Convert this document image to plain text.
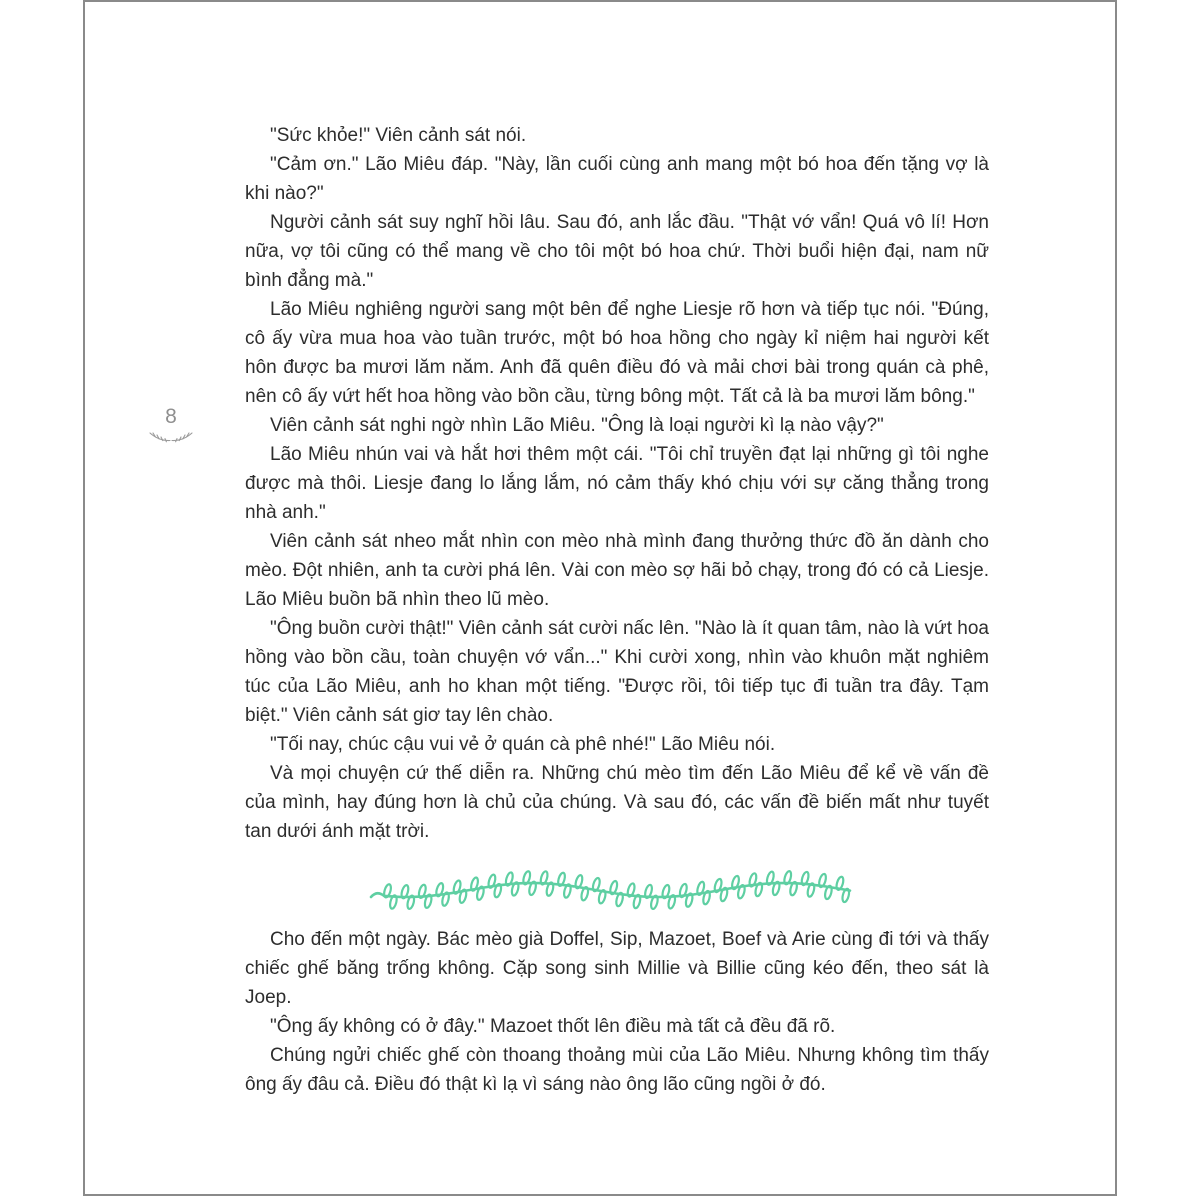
8

"Sức khỏe!" Viên cảnh sát nói.

"Cảm ơn." Lão Miêu đáp. "Này, lần cuối cùng anh mang một bó hoa đến tặng vợ là khi nào?"

Người cảnh sát suy nghĩ hồi lâu. Sau đó, anh lắc đầu. "Thật vớ vẩn! Quá vô lí! Hơn nữa, vợ tôi cũng có thể mang về cho tôi một bó hoa chứ. Thời buổi hiện đại, nam nữ bình đẳng mà."

Lão Miêu nghiêng người sang một bên để nghe Liesje rõ hơn và tiếp tục nói. "Đúng, cô ấy vừa mua hoa vào tuần trước, một bó hoa hồng cho ngày kỉ niệm hai người kết hôn được ba mươi lăm năm. Anh đã quên điều đó và mải chơi bài trong quán cà phê, nên cô ấy vứt hết hoa hồng vào bồn cầu, từng bông một. Tất cả là ba mươi lăm bông."

Viên cảnh sát nghi ngờ nhìn Lão Miêu. "Ông là loại người kì lạ nào vậy?"

Lão Miêu nhún vai và hắt hơi thêm một cái. "Tôi chỉ truyền đạt lại những gì tôi nghe được mà thôi. Liesje đang lo lắng lắm, nó cảm thấy khó chịu với sự căng thẳng trong nhà anh."

Viên cảnh sát nheo mắt nhìn con mèo nhà mình đang thưởng thức đồ ăn dành cho mèo. Đột nhiên, anh ta cười phá lên. Vài con mèo sợ hãi bỏ chạy, trong đó có cả Liesje. Lão Miêu buồn bã nhìn theo lũ mèo.

"Ông buồn cười thật!" Viên cảnh sát cười nấc lên. "Nào là ít quan tâm, nào là vứt hoa hồng vào bồn cầu, toàn chuyện vớ vẩn..." Khi cười xong, nhìn vào khuôn mặt nghiêm túc của Lão Miêu, anh ho khan một tiếng. "Được rồi, tôi tiếp tục đi tuần tra đây. Tạm biệt." Viên cảnh sát giơ tay lên chào.

"Tối nay, chúc cậu vui vẻ ở quán cà phê nhé!" Lão Miêu nói.

Và mọi chuyện cứ thế diễn ra. Những chú mèo tìm đến Lão Miêu để kể về vấn đề của mình, hay đúng hơn là chủ của chúng. Và sau đó, các vấn đề biến mất như tuyết tan dưới ánh mặt trời.

Cho đến một ngày. Bác mèo già Doffel, Sip, Mazoet, Boef và Arie cùng đi tới và thấy chiếc ghế băng trống không. Cặp song sinh Millie và Billie cũng kéo đến, theo sát là Joep.

"Ông ấy không có ở đây." Mazoet thốt lên điều mà tất cả đều đã rõ.

Chúng ngửi chiếc ghế còn thoang thoảng mùi của Lão Miêu. Nhưng không tìm thấy ông ấy đâu cả. Điều đó thật kì lạ vì sáng nào ông lão cũng ngồi ở đó.
